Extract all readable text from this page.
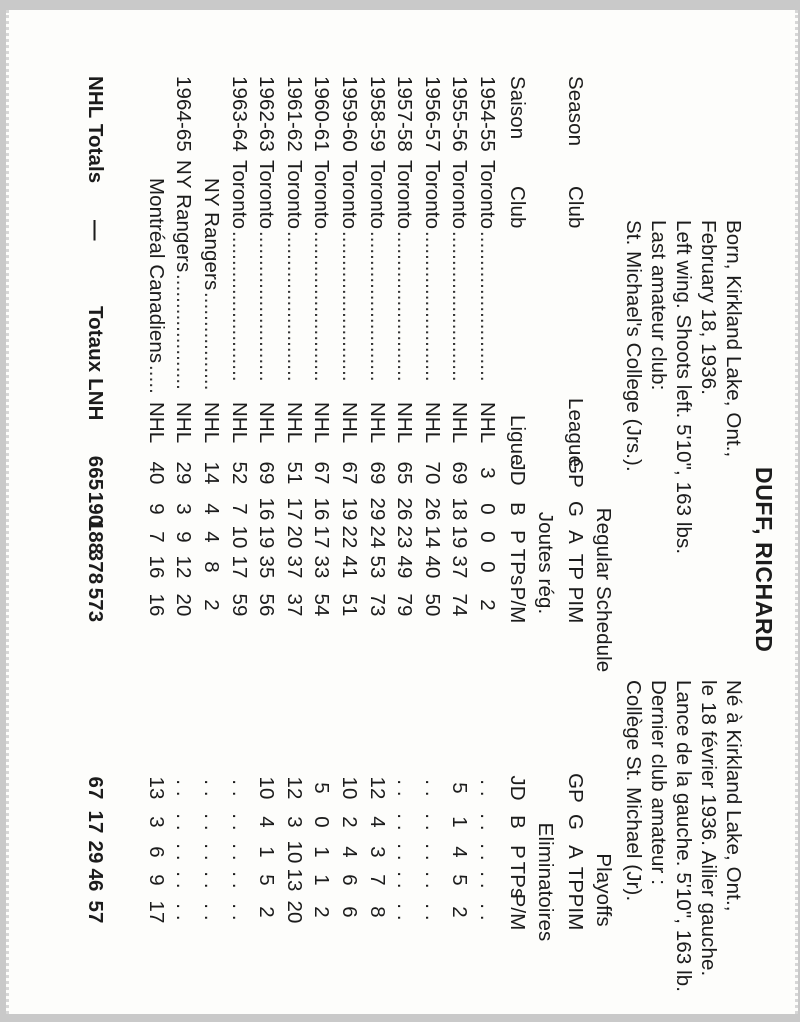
DUFF, RICHARD
Born, Kirkland Lake, Ont.,
February 18, 1936.
Left wing. Shoots left. 5'10", 163 lbs.
Last amateur club:
St. Michael's College (Jrs.).
Né à Kirkland Lake, Ont.,
le 18 février 1936. Ailier gauche.
Lance de la gauche. 5'10", 163 lb.
Dernier club amateur :
Collège St. Michael (Jr).
Regular Schedule
Playoffs
Season
Club
League
Joutes rég.
Eliminatoires
Saison
Club
Ligue
NHL Totals
—
Totaux LNH
GP
G
A
TP
PIM
GP
G
A
TP
PIM
JD
B
P
TPs
P/M
JD
B
P
TPs
P/M
1954-55
Toronto
..........................
NHL
3
0
0
0
2
. .
. .
. .
. .
. .
1955-56
Toronto
..........................
NHL
69
18
19
37
74
5
1
4
5
2
1956-57
Toronto
..........................
NHL
70
26
14
40
50
. .
. .
. .
. .
. .
1957-58
Toronto
..........................
NHL
65
26
23
49
79
. .
. .
. .
. .
. .
1958-59
Toronto
..........................
NHL
69
29
24
53
73
12
4
3
7
8
1959-60
Toronto
..........................
NHL
67
19
22
41
51
10
2
4
6
6
1960-61
Toronto
..........................
NHL
67
16
17
33
54
5
0
1
1
2
1961-62
Toronto
..........................
NHL
51
17
20
37
37
12
3
10
13
20
1962-63
Toronto
..........................
NHL
69
16
19
35
56
10
4
1
5
2
1963-64
Toronto
..........................
NHL
52
7
10
17
59
. .
. .
. .
. .
. .
NY Rangers
.................
NHL
14
4
4
8
2
. .
. .
. .
. .
. .
1964-65
NY Rangers
....................
NHL
29
3
9
12
20
. .
. .
. .
. .
. .
Montréal Canadiens
.....
NHL
40
9
7
16
16
13
3
6
9
17
665
190
188
378
573
67
17
29
46
57
